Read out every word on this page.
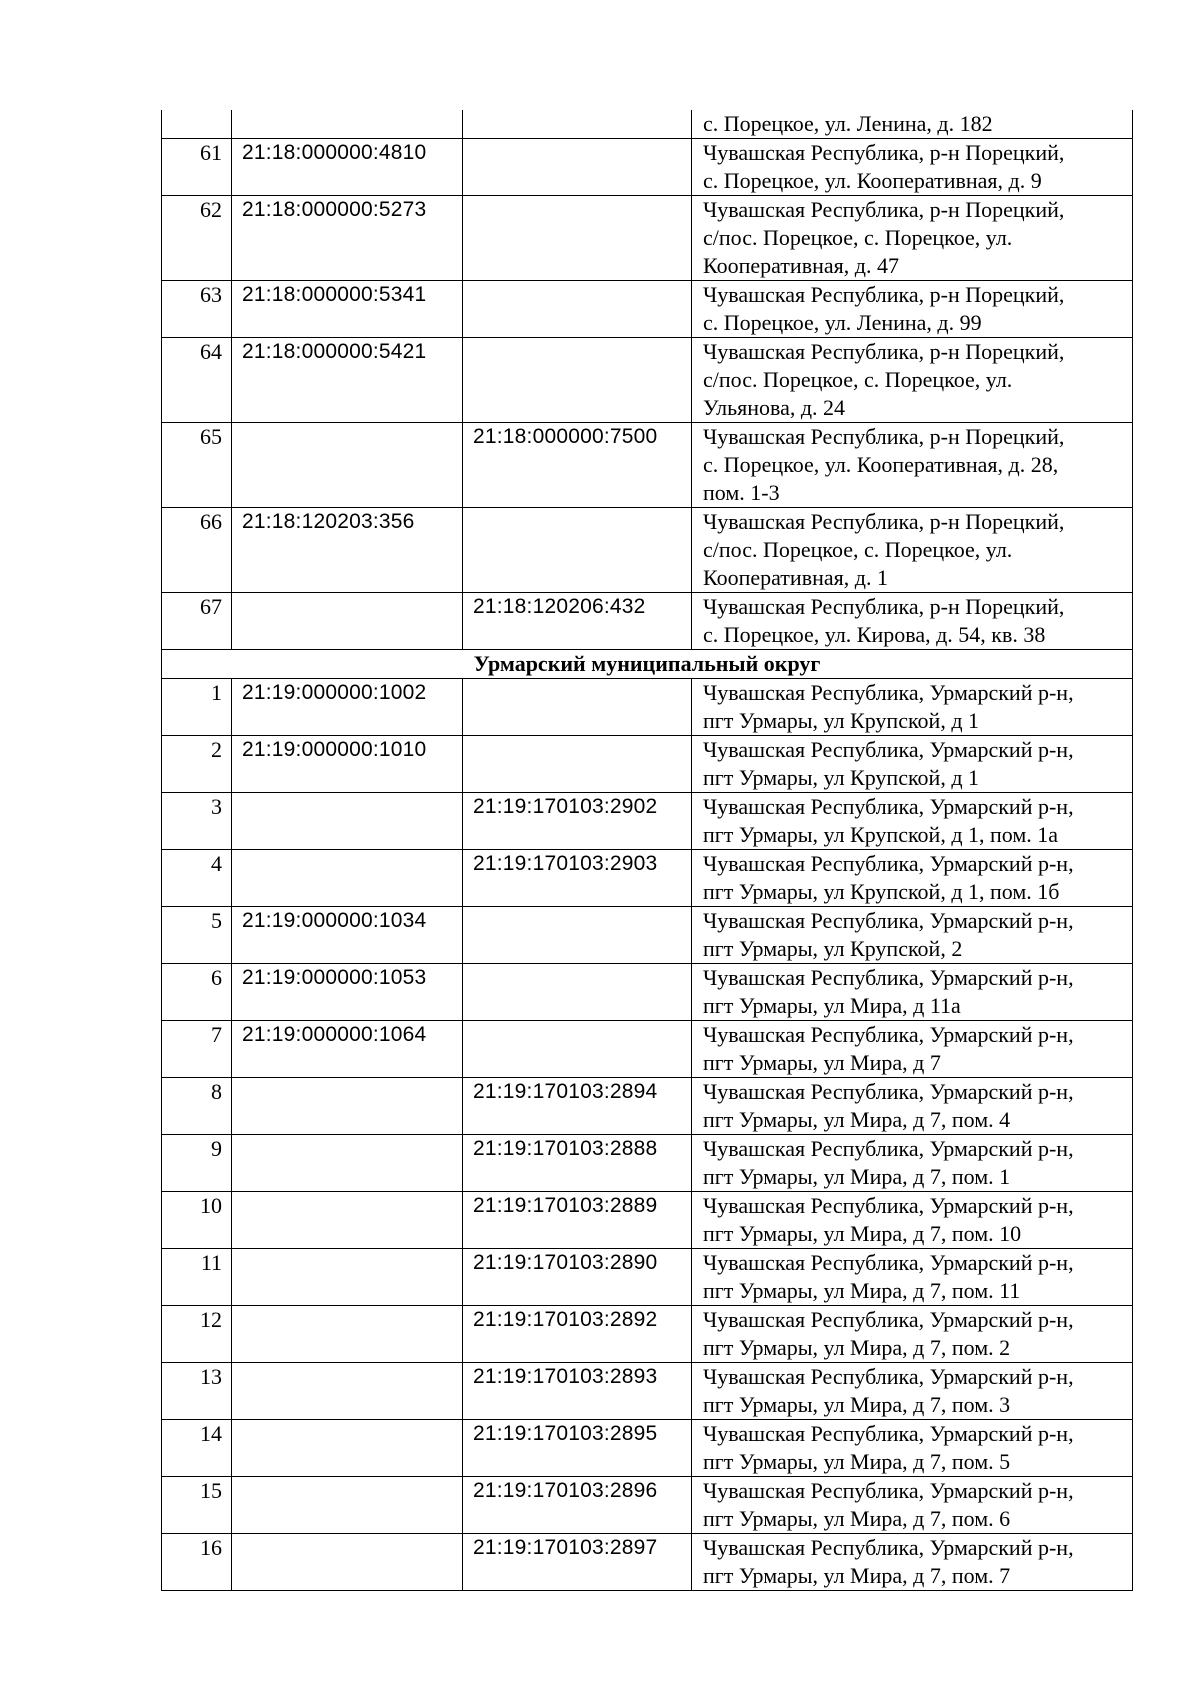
			с. Порецкое, ул. Ленина, д. 182

61	21:18:000000:4810		Чувашская Республика, р-н Порецкий,
с. Порецкое, ул. Кооперативная, д. 9

62	21:18:000000:5273		Чувашская Республика, р-н Порецкий,
с/пос. Порецкое, с. Порецкое, ул.
Кооперативная, д. 47

63	21:18:000000:5341		Чувашская Республика, р-н Порецкий,
с. Порецкое, ул. Ленина, д. 99

64	21:18:000000:5421		Чувашская Республика, р-н Порецкий,
с/пос. Порецкое, с. Порецкое, ул.
Ульянова, д. 24

65		21:18:000000:7500	Чувашская Республика, р-н Порецкий,
с. Порецкое, ул. Кооперативная, д. 28,
пом. 1-3

66	21:18:120203:356		Чувашская Республика, р-н Порецкий,
с/пос. Порецкое, с. Порецкое, ул.
Кооперативная, д. 1

67		21:18:120206:432	Чувашская Республика, р-н Порецкий,
с. Порецкое, ул. Кирова, д. 54, кв. 38

Урмарский муниципальный округ			
1	21:19:000000:1002		Чувашская Республика, Урмарский р-н,
пгт Урмары, ул Крупской, д 1

2	21:19:000000:1010		Чувашская Республика, Урмарский р-н,
пгт Урмары, ул Крупской, д 1

3		21:19:170103:2902	Чувашская Республика, Урмарский р-н,
пгт Урмары, ул Крупской, д 1, пом. 1а

4		21:19:170103:2903	Чувашская Республика, Урмарский р-н,
пгт Урмары, ул Крупской, д 1, пом. 1б

5	21:19:000000:1034		Чувашская Республика, Урмарский р-н,
пгт Урмары, ул Крупской, 2

6	21:19:000000:1053		Чувашская Республика, Урмарский р-н,
пгт Урмары, ул Мира, д 11а

7	21:19:000000:1064		Чувашская Республика, Урмарский р-н,
пгт Урмары, ул Мира, д 7

8		21:19:170103:2894	Чувашская Республика, Урмарский р-н,
пгт Урмары, ул Мира, д 7, пом. 4

9		21:19:170103:2888	Чувашская Республика, Урмарский р-н,
пгт Урмары, ул Мира, д 7, пом. 1

10		21:19:170103:2889	Чувашская Республика, Урмарский р-н,
пгт Урмары, ул Мира, д 7, пом. 10

11		21:19:170103:2890	Чувашская Республика, Урмарский р-н,
пгт Урмары, ул Мира, д 7, пом. 11

12		21:19:170103:2892	Чувашская Республика, Урмарский р-н,
пгт Урмары, ул Мира, д 7, пом. 2

13		21:19:170103:2893	Чувашская Республика, Урмарский р-н,
пгт Урмары, ул Мира, д 7, пом. 3

14		21:19:170103:2895	Чувашская Республика, Урмарский р-н,
пгт Урмары, ул Мира, д 7, пом. 5

15		21:19:170103:2896	Чувашская Республика, Урмарский р-н,
пгт Урмары, ул Мира, д 7, пом. 6

16		21:19:170103:2897	Чувашская Республика, Урмарский р-н,
пгт Урмары, ул Мира, д 7, пом. 7
